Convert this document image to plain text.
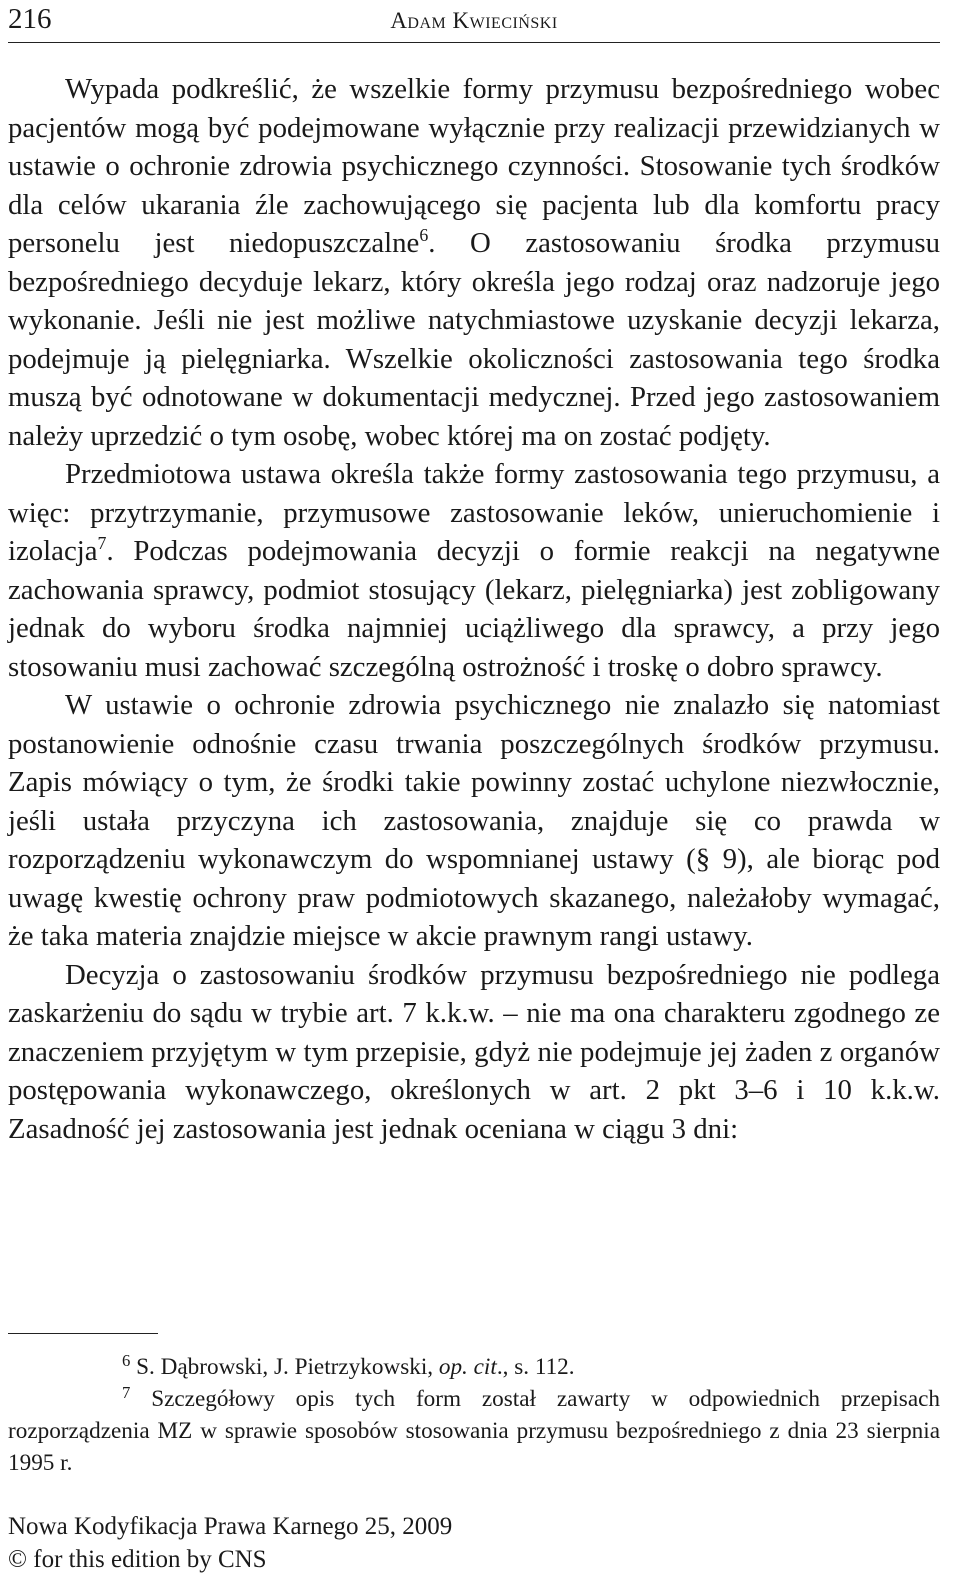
216	Adam Kwieciński

Wypada podkreślić, że wszelkie formy przymusu bezpośredniego wobec pacjentów mogą być podejmowane wyłącznie przy realizacji przewidzianych w ustawie o ochronie zdrowia psychicznego czynności. Stosowanie tych środków dla celów ukarania źle zachowującego się pacjenta lub dla komfortu pracy personelu jest niedopuszczalne$^6$. O zastosowaniu środka przymusu bezpośredniego decyduje lekarz, który określa jego rodzaj oraz nadzoruje jego wykonanie. Jeśli nie jest możliwe natychmiastowe uzyskanie decyzji lekarza, podejmuje ją pielęgniarka. Wszelkie okoliczności zastosowania tego środka muszą być odnotowane w dokumentacji medycznej. Przed jego zastosowaniem należy uprzedzić o tym osobę, wobec której ma on zostać podjęty.

Przedmiotowa ustawa określa także formy zastosowania tego przymusu, a więc: przytrzymanie, przymusowe zastosowanie leków, unieruchomienie i izolacja$^7$. Podczas podejmowania decyzji o formie reakcji na negatywne zachowania sprawcy, podmiot stosujący (lekarz, pielęgniarka) jest zobligowany jednak do wyboru środka najmniej uciążliwego dla sprawcy, a przy jego stosowaniu musi zachować szczególną ostrożność i troskę o dobro sprawcy.

W ustawie o ochronie zdrowia psychicznego nie znalazło się natomiast postanowienie odnośnie czasu trwania poszczególnych środków przymusu. Zapis mówiący o tym, że środki takie powinny zostać uchylone niezwłocznie, jeśli ustała przyczyna ich zastosowania, znajduje się co prawda w rozporządzeniu wykonawczym do wspomnianej ustawy (§ 9), ale biorąc pod uwagę kwestię ochrony praw podmiotowych skazanego, należałoby wymagać, że taka materia znajdzie miejsce w akcie prawnym rangi ustawy.

Decyzja o zastosowaniu środków przymusu bezpośredniego nie podlega zaskarżeniu do sądu w trybie art. 7 k.k.w. – nie ma ona charakteru zgodnego ze znaczeniem przyjętym w tym przepisie, gdyż nie podejmuje jej żaden z organów postępowania wykonawczego, określonych w art. 2 pkt 3–6 i 10 k.k.w. Zasadność jej zastosowania jest jednak oceniana w ciągu 3 dni:

6 S. Dąbrowski, J. Pietrzykowski, op. cit., s. 112.

7 Szczegółowy opis tych form został zawarty w odpowiednich przepisach rozporządzenia MZ w sprawie sposobów stosowania przymusu bezpośredniego z dnia 23 sierpnia 1995 r.

Nowa Kodyfikacja Prawa Karnego 25, 2009
© for this edition by CNS
